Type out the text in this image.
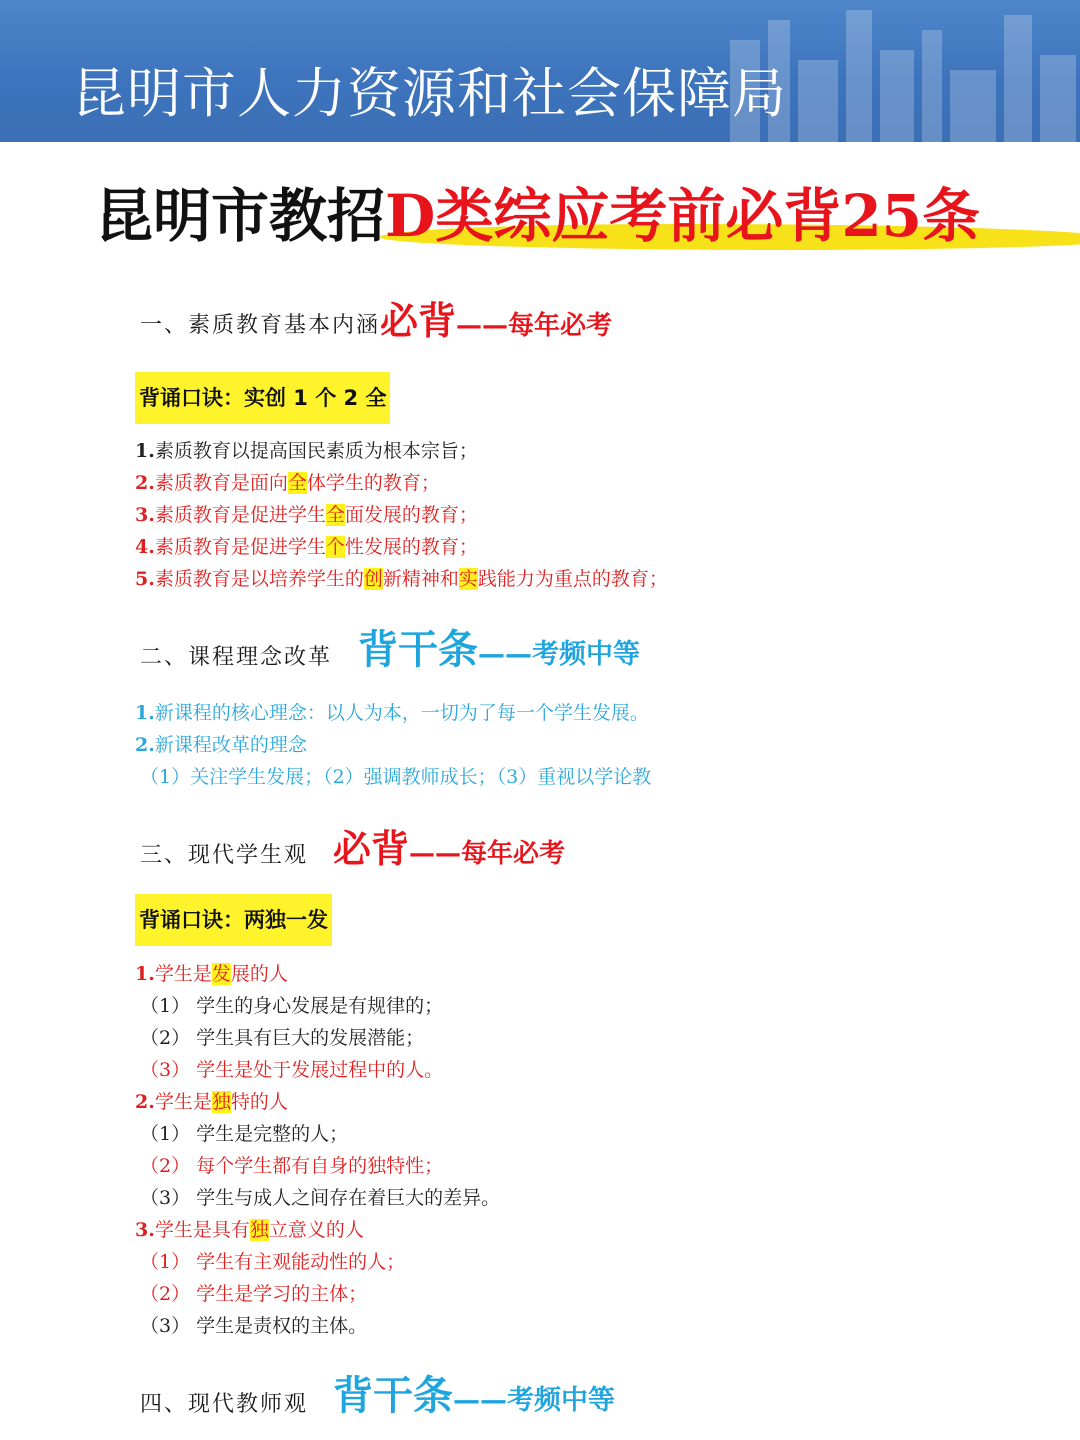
昆明市人力资源和社会保障局
昆明市教招D类综应考前必背25条
一、素质教育基本内涵 必背——每年必考
背诵口诀：实创 1 个 2 全
1.素质教育以提高国民素质为根本宗旨；
2.素质教育是面向全体学生的教育；
3.素质教育是促进学生全面发展的教育；
4.素质教育是促进学生个性发展的教育；
5.素质教育是以培养学生的创新精神和实践能力为重点的教育；
二、课程理念改革 背干条——考频中等
1.新课程的核心理念：以人为本，一切为了每一个学生发展。
2.新课程改革的理念
（1）关注学生发展；（2）强调教师成长；（3）重视以学论教
三、现代学生观 必背——每年必考
背诵口诀：两独一发
1.学生是发展的人
（1） 学生的身心发展是有规律的；
（2） 学生具有巨大的发展潜能；
（3） 学生是处于发展过程中的人。
2.学生是独特的人
（1） 学生是完整的人；
（2） 每个学生都有自身的独特性；
（3） 学生与成人之间存在着巨大的差异。
3.学生是具有独立意义的人
（1） 学生有主观能动性的人；
（2） 学生是学习的主体；
（3） 学生是责权的主体。
四、现代教师观 背干条——考频中等
